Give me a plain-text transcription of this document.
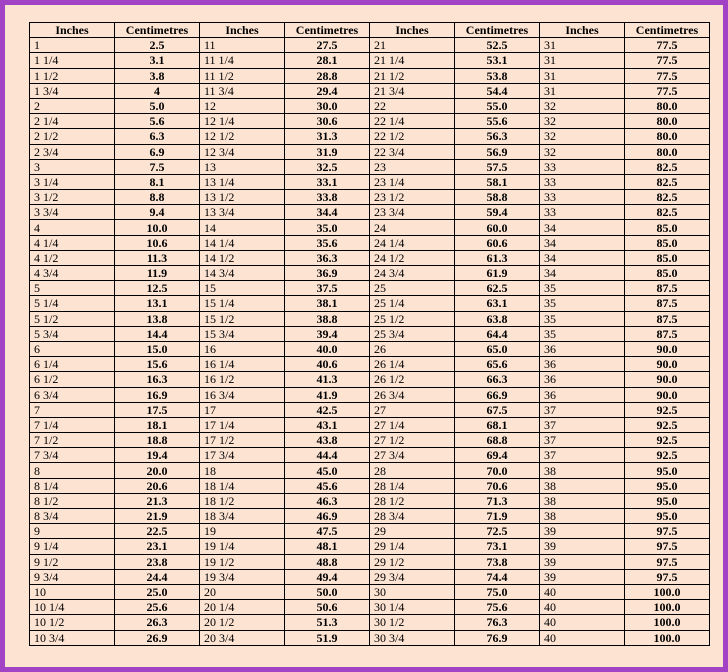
Inches	Centimetres	Inches	Centimetres	Inches	Centimetres	Inches	Centimetres
1	2.5	11	27.5	21	52.5	31	77.5
1 1/4	3.1	11 1/4	28.1	21 1/4	53.1	31	77.5
1 1/2	3.8	11 1/2	28.8	21 1/2	53.8	31	77.5
1 3/4	4	11 3/4	29.4	21 3/4	54.4	31	77.5
2	5.0	12	30.0	22	55.0	32	80.0
2 1/4	5.6	12 1/4	30.6	22 1/4	55.6	32	80.0
2 1/2	6.3	12 1/2	31.3	22 1/2	56.3	32	80.0
2 3/4	6.9	12 3/4	31.9	22 3/4	56.9	32	80.0
3	7.5	13	32.5	23	57.5	33	82.5
3 1/4	8.1	13 1/4	33.1	23 1/4	58.1	33	82.5
3 1/2	8.8	13 1/2	33.8	23 1/2	58.8	33	82.5
3 3/4	9.4	13 3/4	34.4	23 3/4	59.4	33	82.5
4	10.0	14	35.0	24	60.0	34	85.0
4 1/4	10.6	14 1/4	35.6	24 1/4	60.6	34	85.0
4 1/2	11.3	14 1/2	36.3	24 1/2	61.3	34	85.0
4 3/4	11.9	14 3/4	36.9	24 3/4	61.9	34	85.0
5	12.5	15	37.5	25	62.5	35	87.5
5 1/4	13.1	15 1/4	38.1	25 1/4	63.1	35	87.5
5 1/2	13.8	15 1/2	38.8	25 1/2	63.8	35	87.5
5 3/4	14.4	15 3/4	39.4	25 3/4	64.4	35	87.5
6	15.0	16	40.0	26	65.0	36	90.0
6 1/4	15.6	16 1/4	40.6	26 1/4	65.6	36	90.0
6 1/2	16.3	16 1/2	41.3	26 1/2	66.3	36	90.0
6 3/4	16.9	16 3/4	41.9	26 3/4	66.9	36	90.0
7	17.5	17	42.5	27	67.5	37	92.5
7 1/4	18.1	17 1/4	43.1	27 1/4	68.1	37	92.5
7 1/2	18.8	17 1/2	43.8	27 1/2	68.8	37	92.5
7 3/4	19.4	17 3/4	44.4	27 3/4	69.4	37	92.5
8	20.0	18	45.0	28	70.0	38	95.0
8 1/4	20.6	18 1/4	45.6	28 1/4	70.6	38	95.0
8 1/2	21.3	18 1/2	46.3	28 1/2	71.3	38	95.0
8 3/4	21.9	18 3/4	46.9	28 3/4	71.9	38	95.0
9	22.5	19	47.5	29	72.5	39	97.5
9 1/4	23.1	19 1/4	48.1	29 1/4	73.1	39	97.5
9 1/2	23.8	19 1/2	48.8	29 1/2	73.8	39	97.5
9 3/4	24.4	19 3/4	49.4	29 3/4	74.4	39	97.5
10	25.0	20	50.0	30	75.0	40	100.0
10 1/4	25.6	20 1/4	50.6	30 1/4	75.6	40	100.0
10 1/2	26.3	20 1/2	51.3	30 1/2	76.3	40	100.0
10 3/4	26.9	20 3/4	51.9	30 3/4	76.9	40	100.0
